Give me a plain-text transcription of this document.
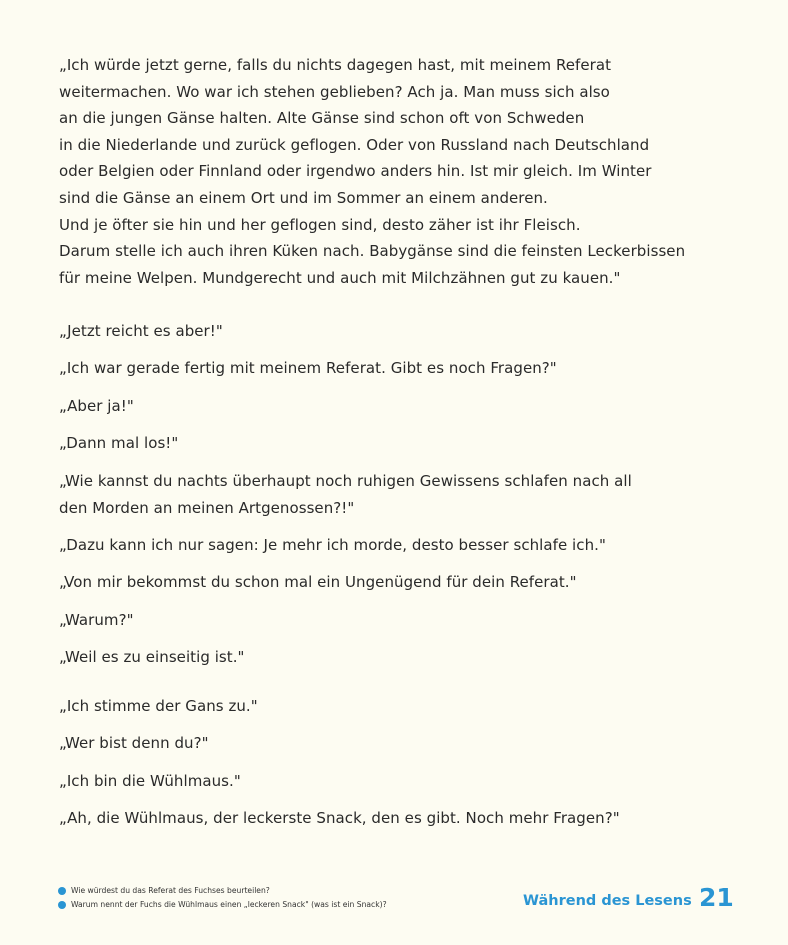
„Ich würde jetzt gerne, falls du nichts dagegen hast, mit meinem Referat
weitermachen. Wo war ich stehen geblieben? Ach ja. Man muss sich also
an die jungen Gänse halten. Alte Gänse sind schon oft von Schweden
in die Niederlande und zurück geflogen. Oder von Russland nach Deutschland
oder Belgien oder Finnland oder irgendwo anders hin. Ist mir gleich. Im Winter
sind die Gänse an einem Ort und im Sommer an einem anderen.
Und je öfter sie hin und her geflogen sind, desto zäher ist ihr Fleisch.
Darum stelle ich auch ihren Küken nach. Babygänse sind die feinsten Leckerbissen
für meine Welpen. Mundgerecht und auch mit Milchzähnen gut zu kauen."
„Jetzt reicht es aber!"
„Ich war gerade fertig mit meinem Referat. Gibt es noch Fragen?"
„Aber ja!"
„Dann mal los!"
„Wie kannst du nachts überhaupt noch ruhigen Gewissens schlafen nach all
den Morden an meinen Artgenossen?!"
„Dazu kann ich nur sagen: Je mehr ich morde, desto besser schlafe ich."
„Von mir bekommst du schon mal ein Ungenügend für dein Referat."
„Warum?"
„Weil es zu einseitig ist."
„Ich stimme der Gans zu."
„Wer bist denn du?"
„Ich bin die Wühlmaus."
„Ah, die Wühlmaus, der leckerste Snack, den es gibt. Noch mehr Fragen?"
Wie würdest du das Referat des Fuchses beurteilen?
Warum nennt der Fuchs die Wühlmaus einen „leckeren Snack" (was ist ein Snack)?	Während des Lesens 21
